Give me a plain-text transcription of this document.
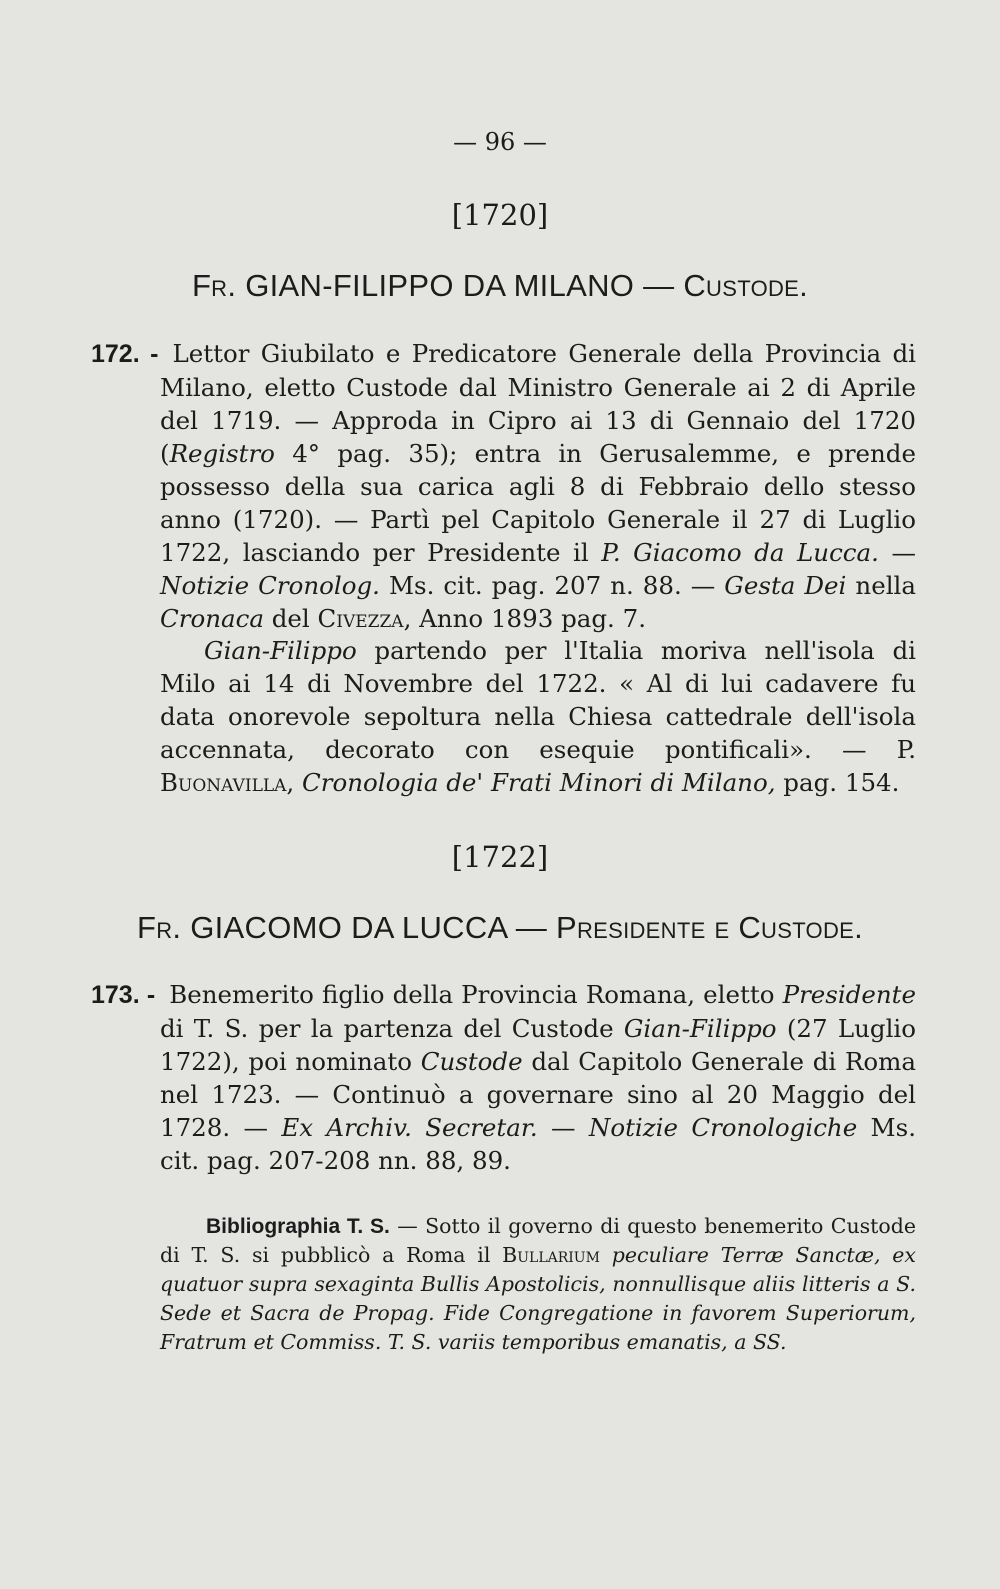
— 96 —
[1720]
Fr. GIAN-FILIPPO DA MILANO — Custode.
172. - Lettor Giubilato e Predicatore Generale della Provincia di Milano, eletto Custode dal Ministro Generale ai 2 di Aprile del 1719. — Approda in Cipro ai 13 di Gennaio del 1720 (Registro 4° pag. 35); entra in Gerusalemme, e prende possesso della sua carica agli 8 di Febbraio dello stesso anno (1720). — Partì pel Capitolo Generale il 27 di Luglio 1722, lasciando per Presidente il P. Giacomo da Lucca. — Notizie Cronolog. Ms. cit. pag. 207 n. 88. — Gesta Dei nella Cronaca del Civezza, Anno 1893 pag. 7.
Gian-Filippo partendo per l'Italia moriva nell'isola di Milo ai 14 di Novembre del 1722. « Al di lui cadavere fu data onorevole sepoltura nella Chiesa cattedrale dell'isola accennata, decorato con esequie pontificali». — P. Buonavilla, Cronologia de' Frati Minori di Milano, pag. 154.
[1722]
Fr. GIACOMO DA LUCCA — Presidente e Custode.
173. - Benemerito figlio della Provincia Romana, eletto Presidente di T. S. per la partenza del Custode Gian-Filippo (27 Luglio 1722), poi nominato Custode dal Capitolo Generale di Roma nel 1723. — Continuò a governare sino al 20 Maggio del 1728. — Ex Archiv. Secretar. — Notizie Cronologiche Ms. cit. pag. 207-208 nn. 88, 89.
Bibliographia T. S. — Sotto il governo di questo benemerito Custode di T. S. si pubblicò a Roma il Bullarium peculiare Terræ Sanctæ, ex quatuor supra sexaginta Bullis Apostolicis, nonnullisque aliis litteris a S. Sede et Sacra de Propag. Fide Congregatione in favorem Superiorum, Fratrum et Commiss. T. S. variis temporibus emanatis, a SS.
